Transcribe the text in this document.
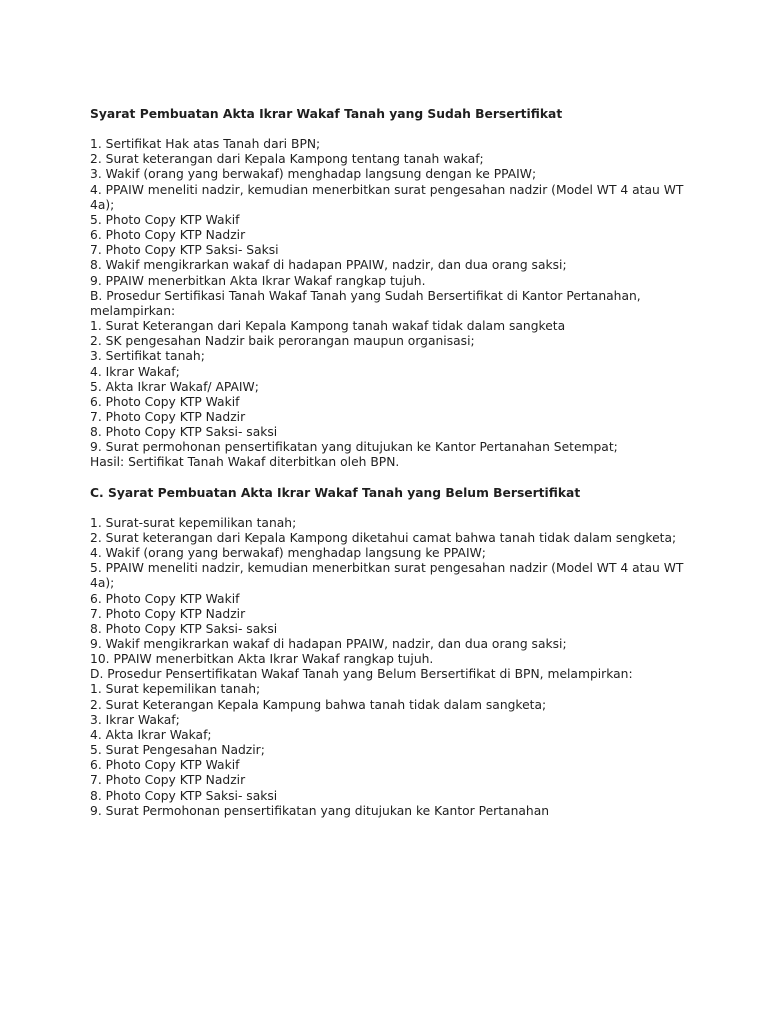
Syarat Pembuatan Akta Ikrar Wakaf Tanah yang Sudah Bersertifikat

1. Sertifikat Hak atas Tanah dari BPN;

2. Surat keterangan dari Kepala Kampong tentang tanah wakaf;

3. Wakif (orang yang berwakaf) menghadap langsung dengan ke PPAIW;

4. PPAIW meneliti nadzir, kemudian menerbitkan surat pengesahan nadzir (Model WT 4 atau WT 4a);

5. Photo Copy KTP Wakif

6. Photo Copy KTP Nadzir

7. Photo Copy KTP Saksi- Saksi

8. Wakif mengikrarkan wakaf di hadapan PPAIW, nadzir, dan dua orang saksi;

9. PPAIW menerbitkan Akta Ikrar Wakaf rangkap tujuh.

B. Prosedur Sertifikasi Tanah Wakaf Tanah yang Sudah Bersertifikat di Kantor Pertanahan, melampirkan:

1. Surat Keterangan dari Kepala Kampong tanah wakaf tidak dalam sangketa

2. SK pengesahan Nadzir baik perorangan maupun organisasi;

3. Sertifikat tanah;

4. Ikrar Wakaf;

5. Akta Ikrar Wakaf/ APAIW;

6. Photo Copy KTP Wakif

7. Photo Copy KTP Nadzir

8. Photo Copy KTP Saksi- saksi

9. Surat permohonan pensertifikatan yang ditujukan ke Kantor Pertanahan Setempat;

Hasil: Sertifikat Tanah Wakaf diterbitkan oleh BPN.

C. Syarat Pembuatan Akta Ikrar Wakaf Tanah yang Belum Bersertifikat

1. Surat-surat kepemilikan tanah;

2. Surat keterangan dari Kepala Kampong diketahui camat bahwa tanah tidak dalam sengketa;

4. Wakif (orang yang berwakaf) menghadap langsung ke PPAIW;

5. PPAIW meneliti nadzir, kemudian menerbitkan surat pengesahan nadzir (Model WT 4 atau WT 4a);

6. Photo Copy KTP Wakif

7. Photo Copy KTP Nadzir

8. Photo Copy KTP Saksi- saksi

9. Wakif mengikrarkan wakaf di hadapan PPAIW, nadzir, dan dua orang saksi;

10. PPAIW menerbitkan Akta Ikrar Wakaf rangkap tujuh.

D. Prosedur Pensertifikatan Wakaf Tanah yang Belum Bersertifikat di BPN, melampirkan:

1. Surat kepemilikan tanah;

2. Surat Keterangan Kepala Kampung bahwa tanah tidak dalam sangketa;

3. Ikrar Wakaf;

4. Akta Ikrar Wakaf;

5. Surat Pengesahan Nadzir;

6. Photo Copy KTP Wakif

7. Photo Copy KTP Nadzir

8. Photo Copy KTP Saksi- saksi

9. Surat Permohonan pensertifikatan yang ditujukan ke Kantor Pertanahan
